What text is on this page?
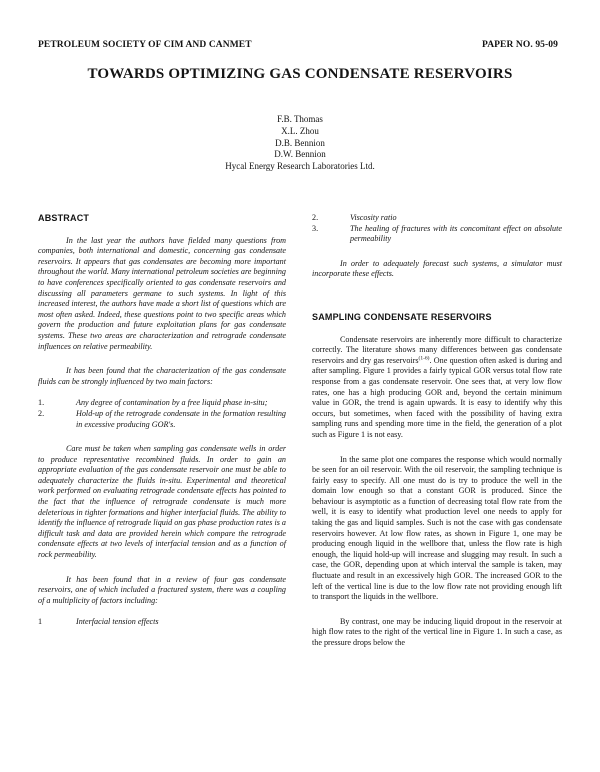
PETROLEUM SOCIETY OF CIM AND CANMET	PAPER NO. 95-09
TOWARDS OPTIMIZING GAS CONDENSATE RESERVOIRS
F.B. Thomas
X.L. Zhou
D.B. Bennion
D.W. Bennion
Hycal Energy Research Laboratories Ltd.
ABSTRACT

In the last year the authors have fielded many questions from companies, both international and domestic, concerning gas condensate reservoirs. It appears that gas condensates are becoming more important throughout the world. Many international petroleum societies are beginning to have conferences specifically oriented to gas condensate reservoirs and discussing all parameters germane to such systems. In light of this increased interest, the authors have made a short list of questions which are most often asked. Indeed, these questions point to two specific areas which govern the production and future exploitation plans for gas condensate systems. These two areas are characterization and retrograde condensate influences on relative permeability.

It has been found that the characterization of the gas condensate fluids can be strongly influenced by two main factors:

1.	Any degree of contamination by a free liquid phase in-situ;
2.	Hold-up of the retrograde condensate in the formation resulting in excessive producing GOR's.

Care must be taken when sampling gas condensate wells in order to produce representative recombined fluids. In order to gain an appropriate evaluation of the gas condensate reservoir one must be able to adequately characterize the fluids in-situ. Experimental and theoretical work performed on evaluating retrograde condensate effects has pointed to the fact that the influence of retrograde condensate is much more deleterious in tighter formations and higher interfacial fluids. The ability to identify the influence of retrograde liquid on gas phase production rates is a difficult task and data are provided herein which compare the retrograde condensate effects at two levels of interfacial tension and as a function of rock permeability.

It has been found that in a review of four gas condensate reservoirs, one of which included a fractured system, there was a coupling of a multiplicity of factors including:

1	Interfacial tension effects
2.	Viscosity ratio
3.	The healing of fractures with its concomitant effect on absolute permeability

In order to adequately forecast such systems, a simulator must incorporate these effects.

SAMPLING CONDENSATE RESERVOIRS

Condensate reservoirs are inherently more difficult to characterize correctly. The literature shows many differences between gas condensate reservoirs and dry gas reservoirs$^{(1-6)}$. One question often asked is during and after sampling. Figure 1 provides a fairly typical GOR versus total flow rate response from a gas condensate reservoir. One sees that, at very low flow rates, one has a high producing GOR and, beyond the certain minimum value in GOR, the trend is again upwards. It is easy to identify why this occurs, but sometimes, when faced with the possibility of having extra sampling runs and spending more time in the field, the generation of a plot such as Figure 1 is not easy.

In the same plot one compares the response which would normally be seen for an oil reservoir. With the oil reservoir, the sampling technique is fairly easy to specify. All one must do is try to produce the well in the domain low enough so that a constant GOR is produced. Since the behaviour is asymptotic as a function of decreasing total flow rate from the well, it is easy to identify what production level one needs to apply for taking the gas and liquid samples. Such is not the case with gas condensate reservoirs however. At low flow rates, as shown in Figure 1, one may be producing enough liquid in the wellbore that, unless the flow rate is high enough, the liquid hold-up will increase and slugging may result. In such a case, the GOR, depending upon at which interval the sample is taken, may fluctuate and result in an excessively high GOR. The increased GOR to the left of the vertical line is due to the low flow rate not providing enough lift to transport the liquids in the wellbore.

By contrast, one may be inducing liquid dropout in the reservoir at high flow rates to the right of the vertical line in Figure 1. In such a case, as the pressure drops below the
